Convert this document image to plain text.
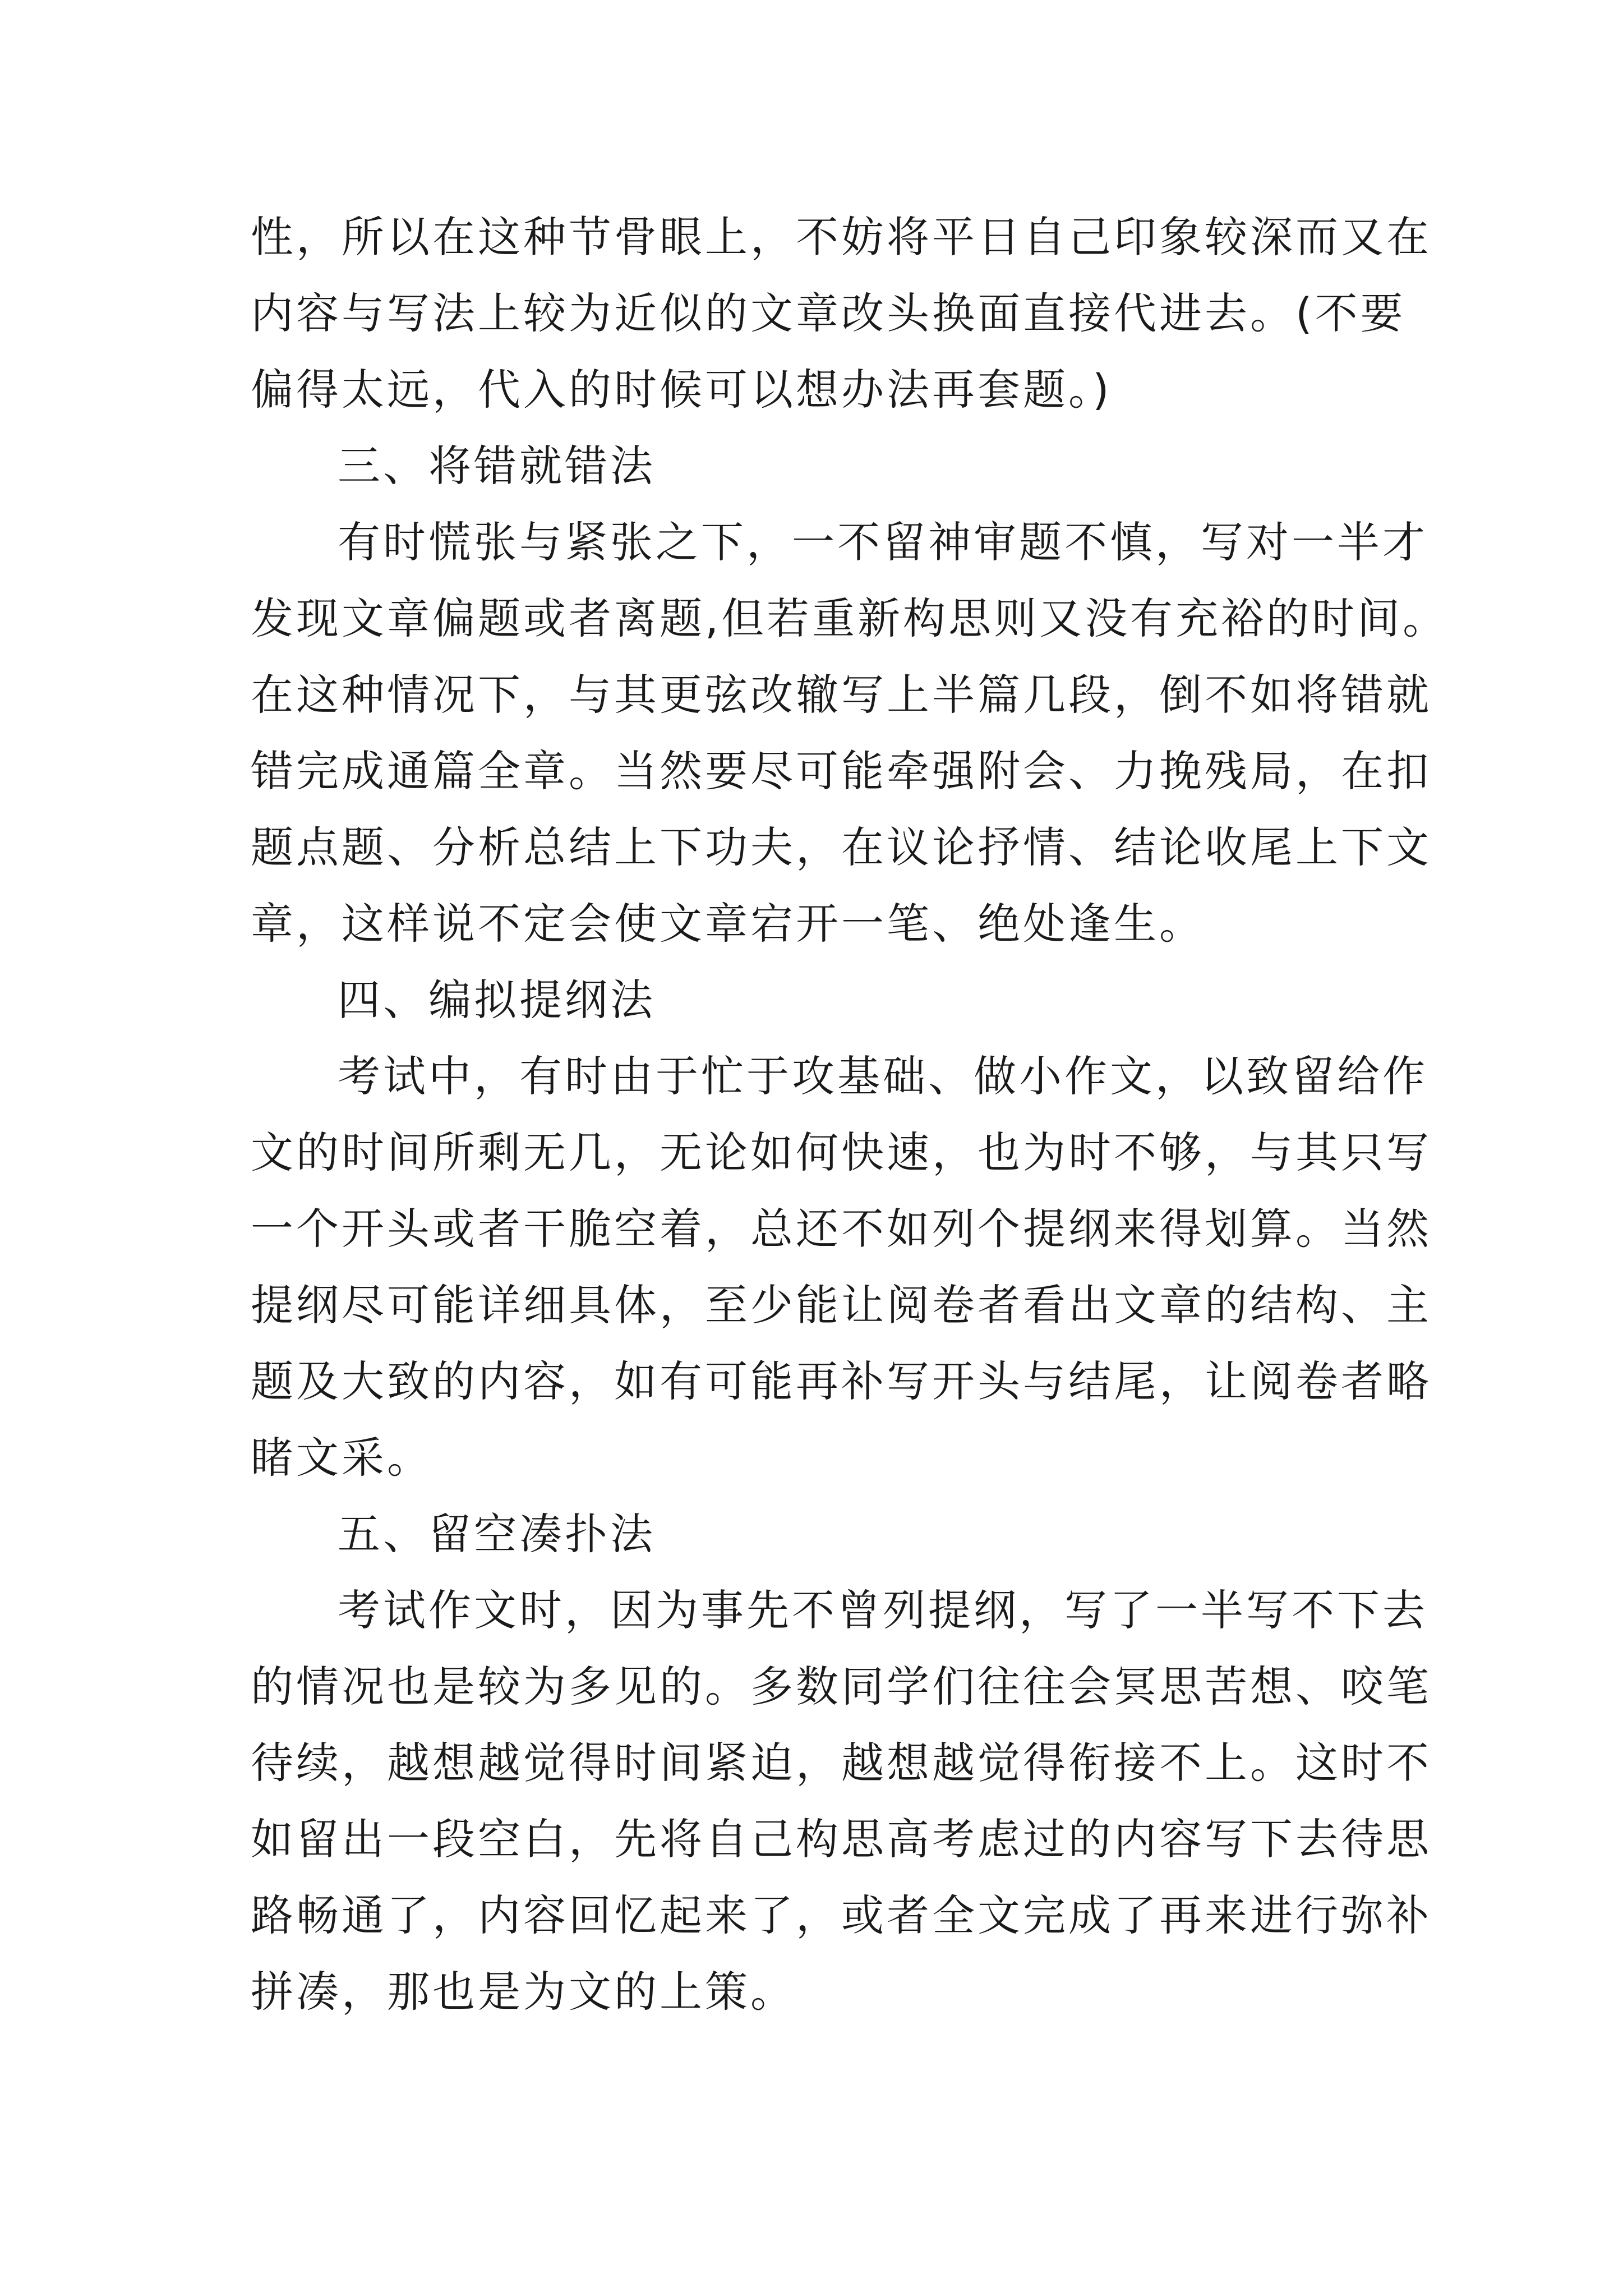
性，所以在这种节骨眼上，不妨将平日自己印象较深而又在
内容与写法上较为近似的文章改头换面直接代进去。(不要
偏得太远，代入的时候可以想办法再套题。)
三、将错就错法
有时慌张与紧张之下，一不留神审题不慎，写对一半才
发现文章偏题或者离题,但若重新构思则又没有充裕的时间。
在这种情况下，与其更弦改辙写上半篇几段，倒不如将错就
错完成通篇全章。当然要尽可能牵强附会、力挽残局，在扣
题点题、分析总结上下功夫，在议论抒情、结论收尾上下文
章，这样说不定会使文章宕开一笔、绝处逢生。
四、编拟提纲法
考试中，有时由于忙于攻基础、做小作文，以致留给作
文的时间所剩无几，无论如何快速，也为时不够，与其只写
一个开头或者干脆空着，总还不如列个提纲来得划算。当然
提纲尽可能详细具体，至少能让阅卷者看出文章的结构、主
题及大致的内容，如有可能再补写开头与结尾，让阅卷者略
睹文采。
五、留空凑扑法
考试作文时，因为事先不曾列提纲，写了一半写不下去
的情况也是较为多见的。多数同学们往往会冥思苦想、咬笔
待续，越想越觉得时间紧迫，越想越觉得衔接不上。这时不
如留出一段空白，先将自己构思高考虑过的内容写下去待思
路畅通了，内容回忆起来了，或者全文完成了再来进行弥补
拼凑，那也是为文的上策。
